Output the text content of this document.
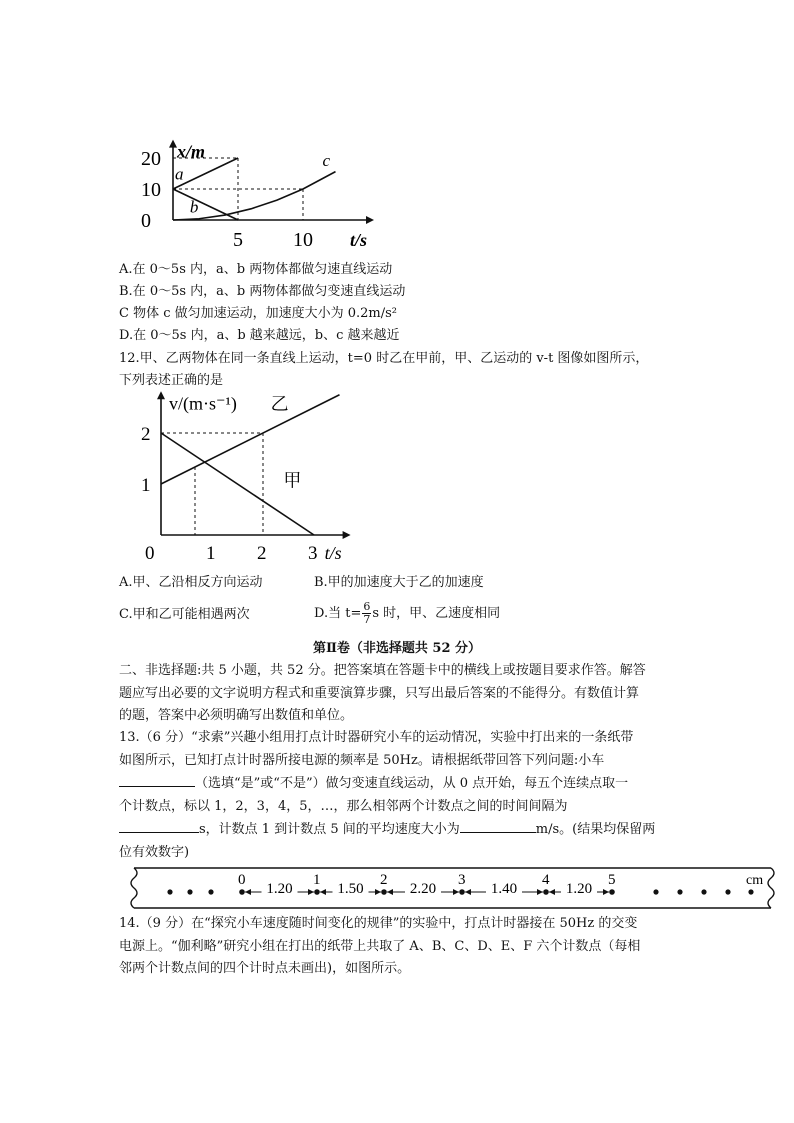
a
b
c
0
10
20
5	10 t/s
x/m
A.在 0～5s 内，a、b 两物体都做匀速直线运动
B.在 0～5s 内，a、b 两物体都做匀变速直线运动
C 物体 c 做匀加速运动，加速度大小为 0.2m/s²
D.在 0～5s 内，a、b 越来越远，b、c 越来越近
12.甲、乙两物体在同一条直线上运动，t=0 时乙在甲前，甲、乙运动的 v-t 图像如图所示，
下列表述正确的是
乙
甲
1
2
0	1 2 3 t/s
v/(m·s⁻¹)
A.甲、乙沿相反方向运动	B.甲的加速度大于乙的加速度
C.甲和乙可能相遇两次	D.当 $t= \frac{6}{7}$ s 时，甲、乙速度相同
第Ⅱ卷（非选择题共 52 分）
二、非选择题:共 5 小题，共 52 分。把答案填在答题卡中的横线上或按题目要求作答。解答
题应写出必要的文字说明方程式和重要演算步骤，只写出最后答案的不能得分。有数值计算
的题，答案中必须明确写出数值和单位。
13.（6 分）“求索”兴趣小组用打点计时器研究小车的运动情况，实验中打出来的一条纸带
如图所示，已知打点计时器所接电源的频率是 50Hz。请根据纸带回答下列问题:小车
（选填“是”或“不是”）做匀变速直线运动，从 0 点开始，每五个连续点取一
个计数点，标以 1，2，3，4，5，…，那么相邻两个计数点之间的时间间隔为
s，计数点 1 到计数点 5 间的平均速度大小为	m/s。(结果均保留两
位有效数字)
0	1	2	3	4	5
1.20	1.50	2.20	1.40	1.20
cm
14.（9 分）在“探究小车速度随时间变化的规律”的实验中，打点计时器接在 50Hz 的交变
电源上。“伽利略”研究小组在打出的纸带上共取了 A、B、C、D、E、F 六个计数点（每相
邻两个计数点间的四个计时点未画出)，如图所示。
